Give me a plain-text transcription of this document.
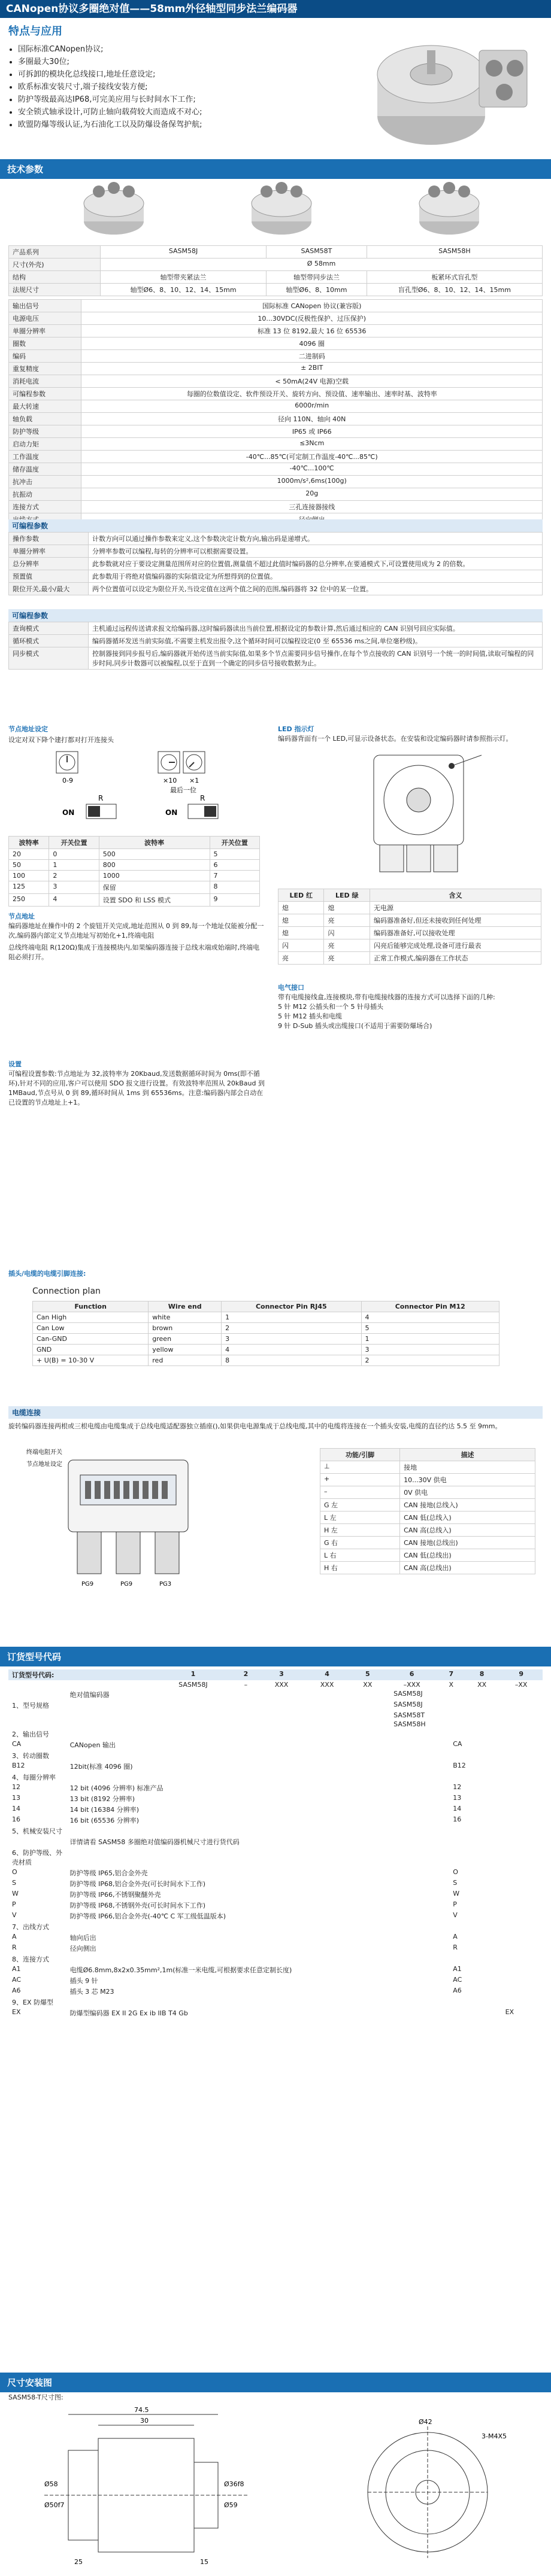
CANopen协议多圈绝对值——58mm外径轴型同步法兰编码器
特点与应用
• 国际标准CANopen协议;
• 多圈最大30位;
• 可拆卸的模块化总线接口,地址任意设定;
• 欧系标准安装尺寸,端子接线安装方便;
• 防护等级最高达IP68,可完美应用与长时间水下工作;
• 安全锁式轴承设计,可防止轴向载荷较大而造成不对心;
• 欧盟防爆等级认证,为石油化工以及防爆设备保驾护航;
技术参数
产品系列	SASM58J	SASM58T	SASM58H
尺寸(外壳)	Ø 58mm		
结构	轴型带夹紧法兰	轴型带同步法兰	板紧环式盲孔型
法规尺寸	轴型Ø6、8、10、12、14、15mm	轴型Ø6、8、10mm	盲孔型Ø6、8、10、12、14、15mm
输出信号	国际标准 CANopen 协议(兼容版)
电源电压	10...30VDC(反极性保护、过压保护)
单圈分辨率	标准 13 位 8192,最大 16 位 65536
圈数	4096 圈
编码	二进制码
重复精度	± 2BIT
消耗电流	< 50mA(24V 电源)空载
可编程参数	每圈的位数值设定、软件预设开关、旋转方向、预设值、速率输出、速率时基、波特率
最大转速	6000r/min
轴负载	径向 110N、轴向 40N
防护等级	IP65 或 IP66
启动力矩	≤3Ncm
工作温度	-40℃...85℃(可定制工作温度-40℃...85℃)
储存温度	-40℃...100℃
抗冲击	1000m/s²,6ms(100g)
抗振动	20g
连接方式	三孔连接器接线

可编程参数
操作参数	计数方向可以通过操作参数来定义,这个参数决定计数方向,输出码是递增式。
单圈分辨率	分辨率参数可以编程,每转的分辨率可以根据需要设置。
总分辨率	此参数就对应于要设定测量范围所对应的位置值,测量值不超过此值时编码器的总分辨率,在要通模式下,可设置使用成为 2 的倍数。
预置值	此参数用于将绝对值编码器的实际值设定为所想得到的位置值。
限位开关,最小/最大	两个位置值可以设定为限位开关,当设定值在这两个值之间的范围,编码器将 32 位中的某一位置。
可编程参数
查询模式	主机通过远程传送请求报文给编码器,这时编码器读出当前位置,根据设定的参数计算,然后通过相应的 CAN 识别号回应实际值。
循环模式	编码器循环发送当前实际值,不需要主机发出报令,这个循环时间可以编程设定(0 至 65536 ms之间,单位毫秒级)。
同步模式	控制器接到同步报号后,编码器就开始传送当前实际值,如果多个节点需要同步信号操作,在每个节点接收的 CAN 识别号一个统一的时间值,读取可编程的同步时间,同步计数器可以被编程,以至于直到一个确定的同步信号接收数据为止。
节点地址设定
设定对双下降个建打都对打开连接头
0-9	×10 ×1
最后一位
R	R
ON	ON
波特率	开关位置	波特率	开关位置
20	0	500	5
50	1	800	6
100	2	1000	7
125	3	保留	8
250	4	设置 SDO 和 LSS 模式	9
节点地址
编码器地址在操作中的 2 个旋钮开关完成,地址范围从 0 到 89,每一个地址仅能被分配一次,编码器内部定义节点地址写初始化+1,终端电阻
总线终端电阻 R(120Ω)集成于连接模块内,如果编码器连接于总线末端或始端时,终端电阻必须打开。
LED 指示灯
编码器背面有一个 LED,可显示设备状态。在安装和设定编码器时请参照指示灯。
LED 红	LED 绿	含义
熄	熄	无电源
熄	亮	编码器准备好,但还未接收到任何处理
熄	闪	编码器准备好,可以接收处理
闪	亮	闪亮后能够完成处理,设备可进行最表
亮	亮	正常工作模式,编码器在工作状态
电气接口
带有电缆接线盒,连接模块,带有电缆接线器的连接方式可以选择下面的几种:
5 针 M12 公插头和一个 5 针母插头
5 针 M12 插头和电缆
9 针 D-Sub 插头或出缆接口(不适用于需要防爆场合)
设置
可编程设置参数:节点地址为 32,波特率为 20Kbaud,发送数据循环时间为 0ms(即不循环),针对不同的应用,客户可以使用 SDO 报文进行设置。有效波特率范围从 20kBaud 到 1MBaud,节点号从 0 到 89,循环时间从 1ms 到 65536ms。注意:编码器内部会自动在已设置的节点地址上+1。
插头/电缆的电缆引脚连接:
Connection plan
Function	Wire end	Connector Pin RJ45	Connector Pin M12
Can High	white	1	4
Can Low	brown	2	5
Can-GND	green	3	1
GND	yellow	4	3
+ U(B) = 10-30 V	red	8	2
电缆连接
旋转编码器连接两根或三根电缆由电缆集成于总线电缆适配器独立插座(),如果供电电源集成于总线电缆,其中的电缆将连接在一个插头安装,电缆的直径约达 5.5 至 9mm。
终端电阻开关
节点地址设定
PG9	PG9	PG3
功能/引脚	描述
⊥	接地
+	10...30V 供电
–	0V 供电
G 左	CAN 接地(总线入)
L 左	CAN 低(总线入)
H 左	CAN 高(总线入)
G 右	CAN 接地(总线出)
L 右	CAN 低(总线出)
H 右	CAN 高(总线出)
订货型号代码
订货型号代码:	1	2	3	4	5	6	7	8	9
	SASM58J	–	XXX	XXX	XX	–XXX	X	XX	–XX
	绝对值编码器	SASM58J		
1、型号规格		SASM58J		
		SASM58T		
		SASM58H		
2、输出信号				
CA	CANopen 输出		CA	
3、转动圈数				
B12	12bit(标准 4096 圈)		B12	
4、每圈分辨率				
12	12 bit (4096 分辨率) 标准产品		12	
13	13 bit (8192 分辨率)		13	
14	14 bit (16384 分辨率)		14	
16	16 bit (65536 分辨率)		16	
5、机械安装尺寸				
	详情请看 SASM58 多圈绝对值编码器机械尺寸进行货代码			
6、防护等级、外壳材质				
O	防护等级 IP65,铝合金外壳		O	
S	防护等级 IP68,铝合金外壳(可长时间水下工作)		S	
W	防护等级 IP66,不锈钢聚醚外壳		W	
P	防护等级 IP68,不锈钢外壳(可长时间水下工作)		P	
V	防护等级 IP66,铝合金外壳(-40℃ C 军工级低温版本)		V	
7、出线方式				
A	轴向后出		A	
R	径向侧出		R	
8、连接方式				
A1	电缆Ø6.8mm,8x2x0.35mm²,1m(标准一米电缆,可根据要求任意定制长度)		A1	
AC	插头 9 针		AC	
A6	插头 3 芯 M23		A6	
9、EX 防爆型				
EX	防爆型编码器 EX II 2G Ex ib IIB T4 Gb			EX
尺寸安装图
SASM58-T尺寸图:
74.5
30
25	15
Ø58
Ø50f7
Ø36f8
Ø59
Ø42
3-M4X5
